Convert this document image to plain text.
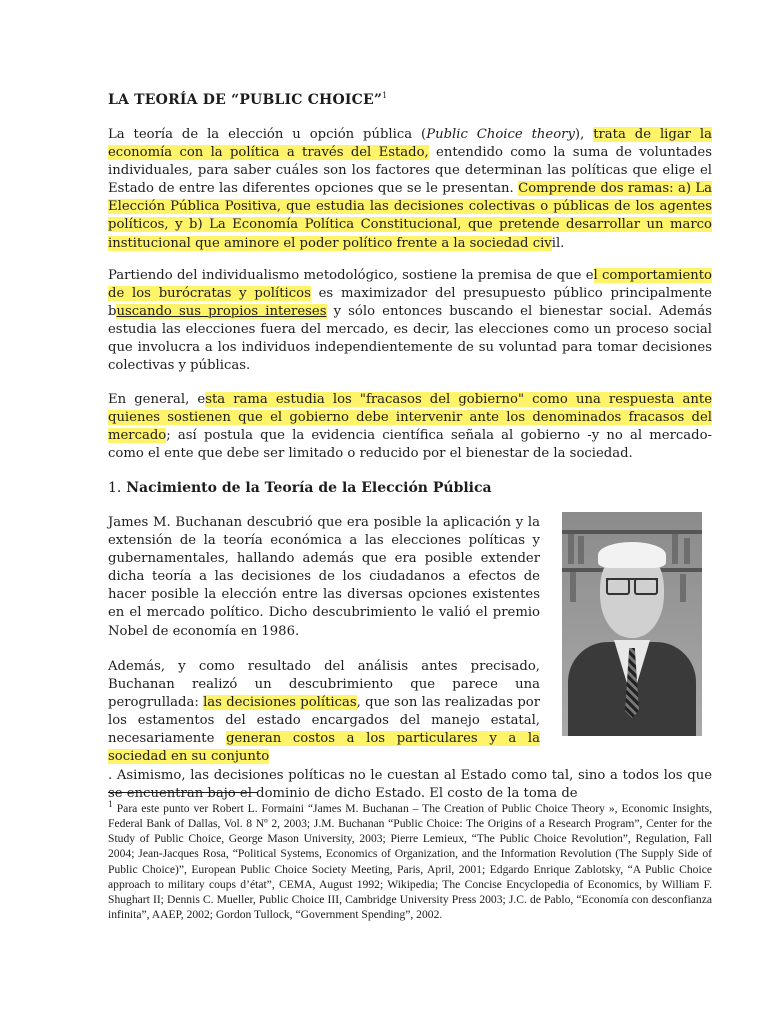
LA TEORÍA DE “PUBLIC CHOICE”$^1$

La teoría de la elección u opción pública (Public Choice theory), trata de ligar la economía con la política a través del Estado, entendido como la suma de voluntades individuales, para saber cuáles son los factores que determinan las políticas que elige el Estado de entre las diferentes opciones que se le presentan. Comprende dos ramas: a) La Elección Pública Positiva, que estudia las decisiones colectivas o públicas de los agentes políticos, y b) La Economía Política Constitucional, que pretende desarrollar un marco institucional que aminore el poder político frente a la sociedad civil.

Partiendo del individualismo metodológico, sostiene la premisa de que el comportamiento de los burócratas y políticos es maximizador del presupuesto público principalmente buscando sus propios intereses y sólo entonces buscando el bienestar social. Además estudia las elecciones fuera del mercado, es decir, las elecciones como un proceso social que involucra a los individuos independientemente de su voluntad para tomar decisiones colectivas y públicas.

En general, esta rama estudia los "fracasos del gobierno" como una respuesta ante quienes sostienen que el gobierno debe intervenir ante los denominados fracasos del mercado; así postula que la evidencia científica señala al gobierno -y no al mercado- como el ente que debe ser limitado o reducido por el bienestar de la sociedad.

1. Nacimiento de la Teoría de la Elección Pública

James M. Buchanan descubrió que era posible la aplicación y la extensión de la teoría económica a las elecciones políticas y gubernamentales, hallando además que era posible extender dicha teoría a las decisiones de los ciudadanos a efectos de hacer posible la elección entre las diversas opciones existentes en el mercado político. Dicho descubrimiento le valió el premio Nobel de economía en 1986.

Además, y como resultado del análisis antes precisado, Buchanan realizó un descubrimiento que parece una perogrullada: las decisiones políticas, que son las realizadas por los estamentos del estado encargados del manejo estatal, necesariamente generan costos a los particulares y a la sociedad en su conjunto
. Asimismo, las decisiones políticas no le cuestan al Estado como tal, sino a todos los que se encuentran bajo el dominio de dicho Estado. El costo de la toma de

$^1$ Para este punto ver Robert L. Formaini “James M. Buchanan – The Creation of Public Choice Theory », Economic Insights, Federal Bank of Dallas, Vol. 8 Nº 2, 2003; J.M. Buchanan “Public Choice: The Origins of a Research Program”, Center for the Study of Public Choice, George Mason University, 2003; Pierre Lemieux, “The Public Choice Revolution”, Regulation, Fall 2004; Jean-Jacques Rosa, “Political Systems, Economics of Organization, and the Information Revolution (The Supply Side of Public Choice)”, European Public Choice Society Meeting, Paris, April, 2001; Edgardo Enrique Zablotsky, “A Public Choice approach to military coups d’état”, CEMA, August 1992; Wikipedia; The Concise Encyclopedia of Economics, by William F. Shughart II; Dennis C. Mueller, Public Choice III, Cambridge University Press 2003; J.C. de Pablo, “Economía con desconfianza infinita”, AAEP, 2002; Gordon Tullock, “Government Spending”, 2002.
